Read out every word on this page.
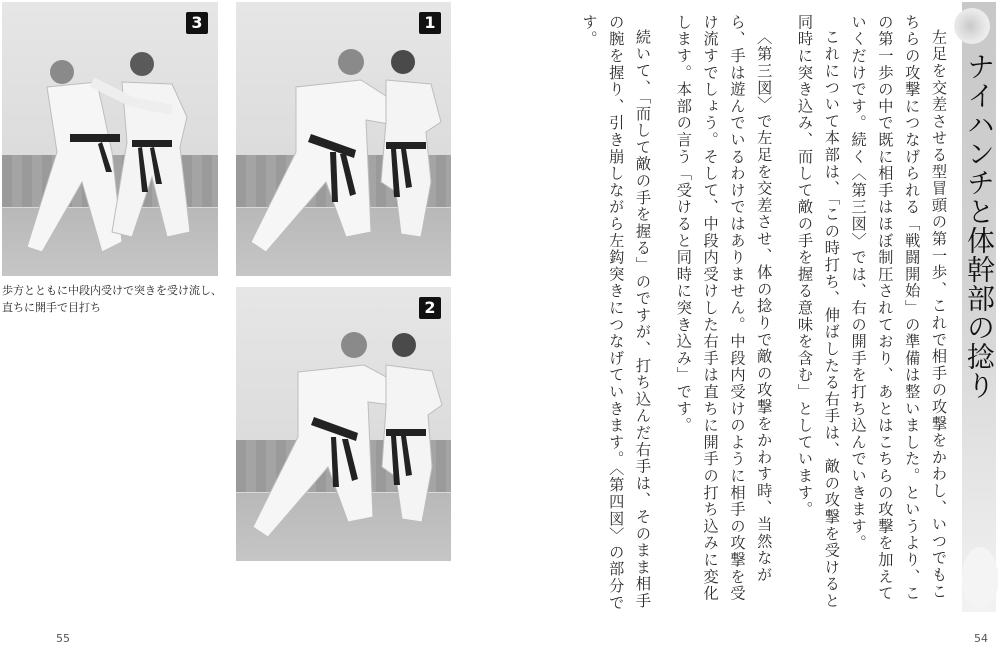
3	1
2
歩方とともに中段内受けで突きを受け流し、
直ちに開手で目打ち
55
ナイハンチと体幹部の捻り

左足を交差させる型冒頭の第一歩、これで相手の攻撃をかわし、いつでもこちらの攻撃につなげられる「戦闘開始」の準備は整いました。というより、この第一歩の中で既に相手はほぼ制圧されており、あとはこちらの攻撃を加えていくだけです。続く〈第三図〉では、右の開手を打ち込んでいきます。

これについて本部は、「この時打ち、伸ばしたる右手は、敵の攻撃を受けると同時に突き込み、而して敵の手を握る意味を含む」としています。

〈第三図〉で左足を交差させ、体の捻りで敵の攻撃をかわす時、当然ながら、手は遊んでいるわけではありません。中段内受けのように相手の攻撃を受け流すでしょう。そして、中段内受けした右手は直ちに開手の打ち込みに変化します。本部の言う「受けると同時に突き込み」です。

続いて、「而して敵の手を握る」のですが、打ち込んだ右手は、そのまま相手の腕を握り、引き崩しながら左鈎突きにつなげていきます。〈第四図〉の部分です。

54
